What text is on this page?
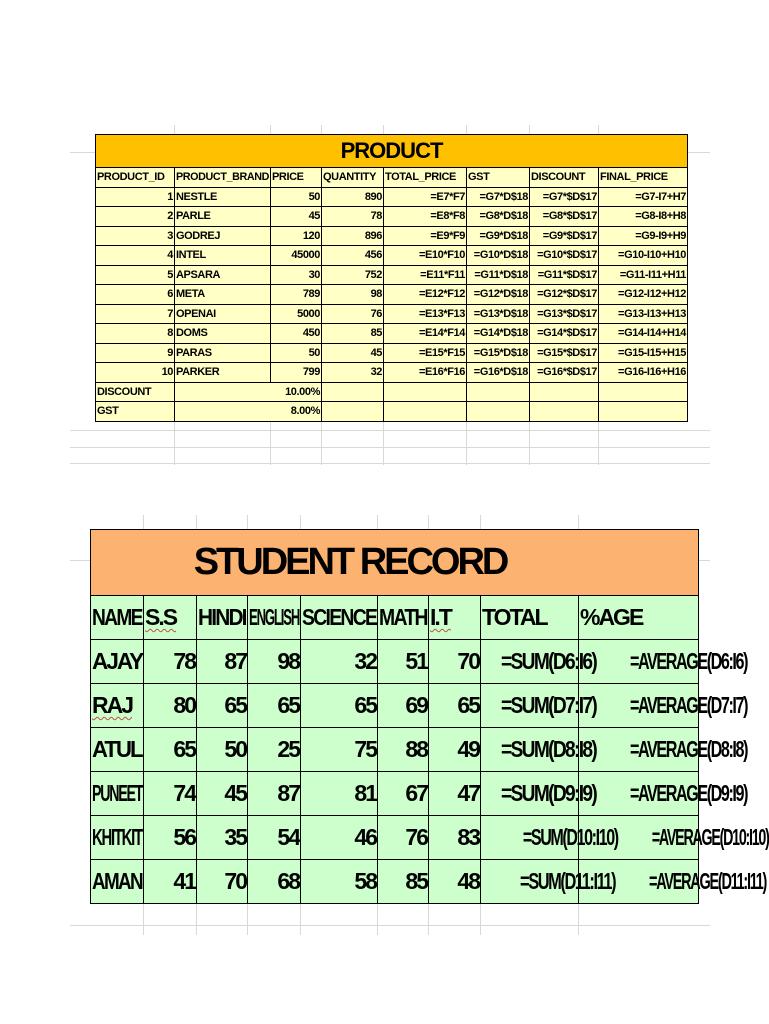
PRODUCT							
PRODUCT_ID	PRODUCT_BRAND	PRICE	QUANTITY	TOTAL_PRICE	GST	DISCOUNT	FINAL_PRICE
1	NESTLE	50	890	=E7*F7	=G7*D$18	=G7*$D$17	=G7-I7+H7
2	PARLE	45	78	=E8*F8	=G8*D$18	=G8*$D$17	=G8-I8+H8
3	GODREJ	120	896	=E9*F9	=G9*D$18	=G9*$D$17	=G9-I9+H9
4	INTEL	45000	456	=E10*F10	=G10*D$18	=G10*$D$17	=G10-I10+H10
5	APSARA	30	752	=E11*F11	=G11*D$18	=G11*$D$17	=G11-I11+H11
6	META	789	98	=E12*F12	=G12*D$18	=G12*$D$17	=G12-I12+H12
7	OPENAI	5000	76	=E13*F13	=G13*D$18	=G13*$D$17	=G13-I13+H13
8	DOMS	450	85	=E14*F14	=G14*D$18	=G14*$D$17	=G14-I14+H14
9	PARAS	50	45	=E15*F15	=G15*D$18	=G15*$D$17	=G15-I15+H15
10	PARKER	799	32	=E16*F16	=G16*D$18	=G16*$D$17	=G16-I16+H16
DISCOUNT	10.00%						
GST	8.00%						
STUDENT RECORD								
NAME	S.S	HINDI	ENGLISH	SCIENCE	MATH	I.T	TOTAL	%AGE
AJAY	78	87	98	32	51	70	=SUM(D6:I6)	=AVERAGE(D6:I6)
RAJ	80	65	65	65	69	65	=SUM(D7:I7)	=AVERAGE(D7:I7)
ATUL	65	50	25	75	88	49	=SUM(D8:I8)	=AVERAGE(D8:I8)
PUNEET	74	45	87	81	67	47	=SUM(D9:I9)	=AVERAGE(D9:I9)
KHITKIT	56	35	54	46	76	83	=SUM(D10:I10)	=AVERAGE(D10:I10)
AMAN	41	70	68	58	85	48	=SUM(D11:I11)	=AVERAGE(D11:I11)
